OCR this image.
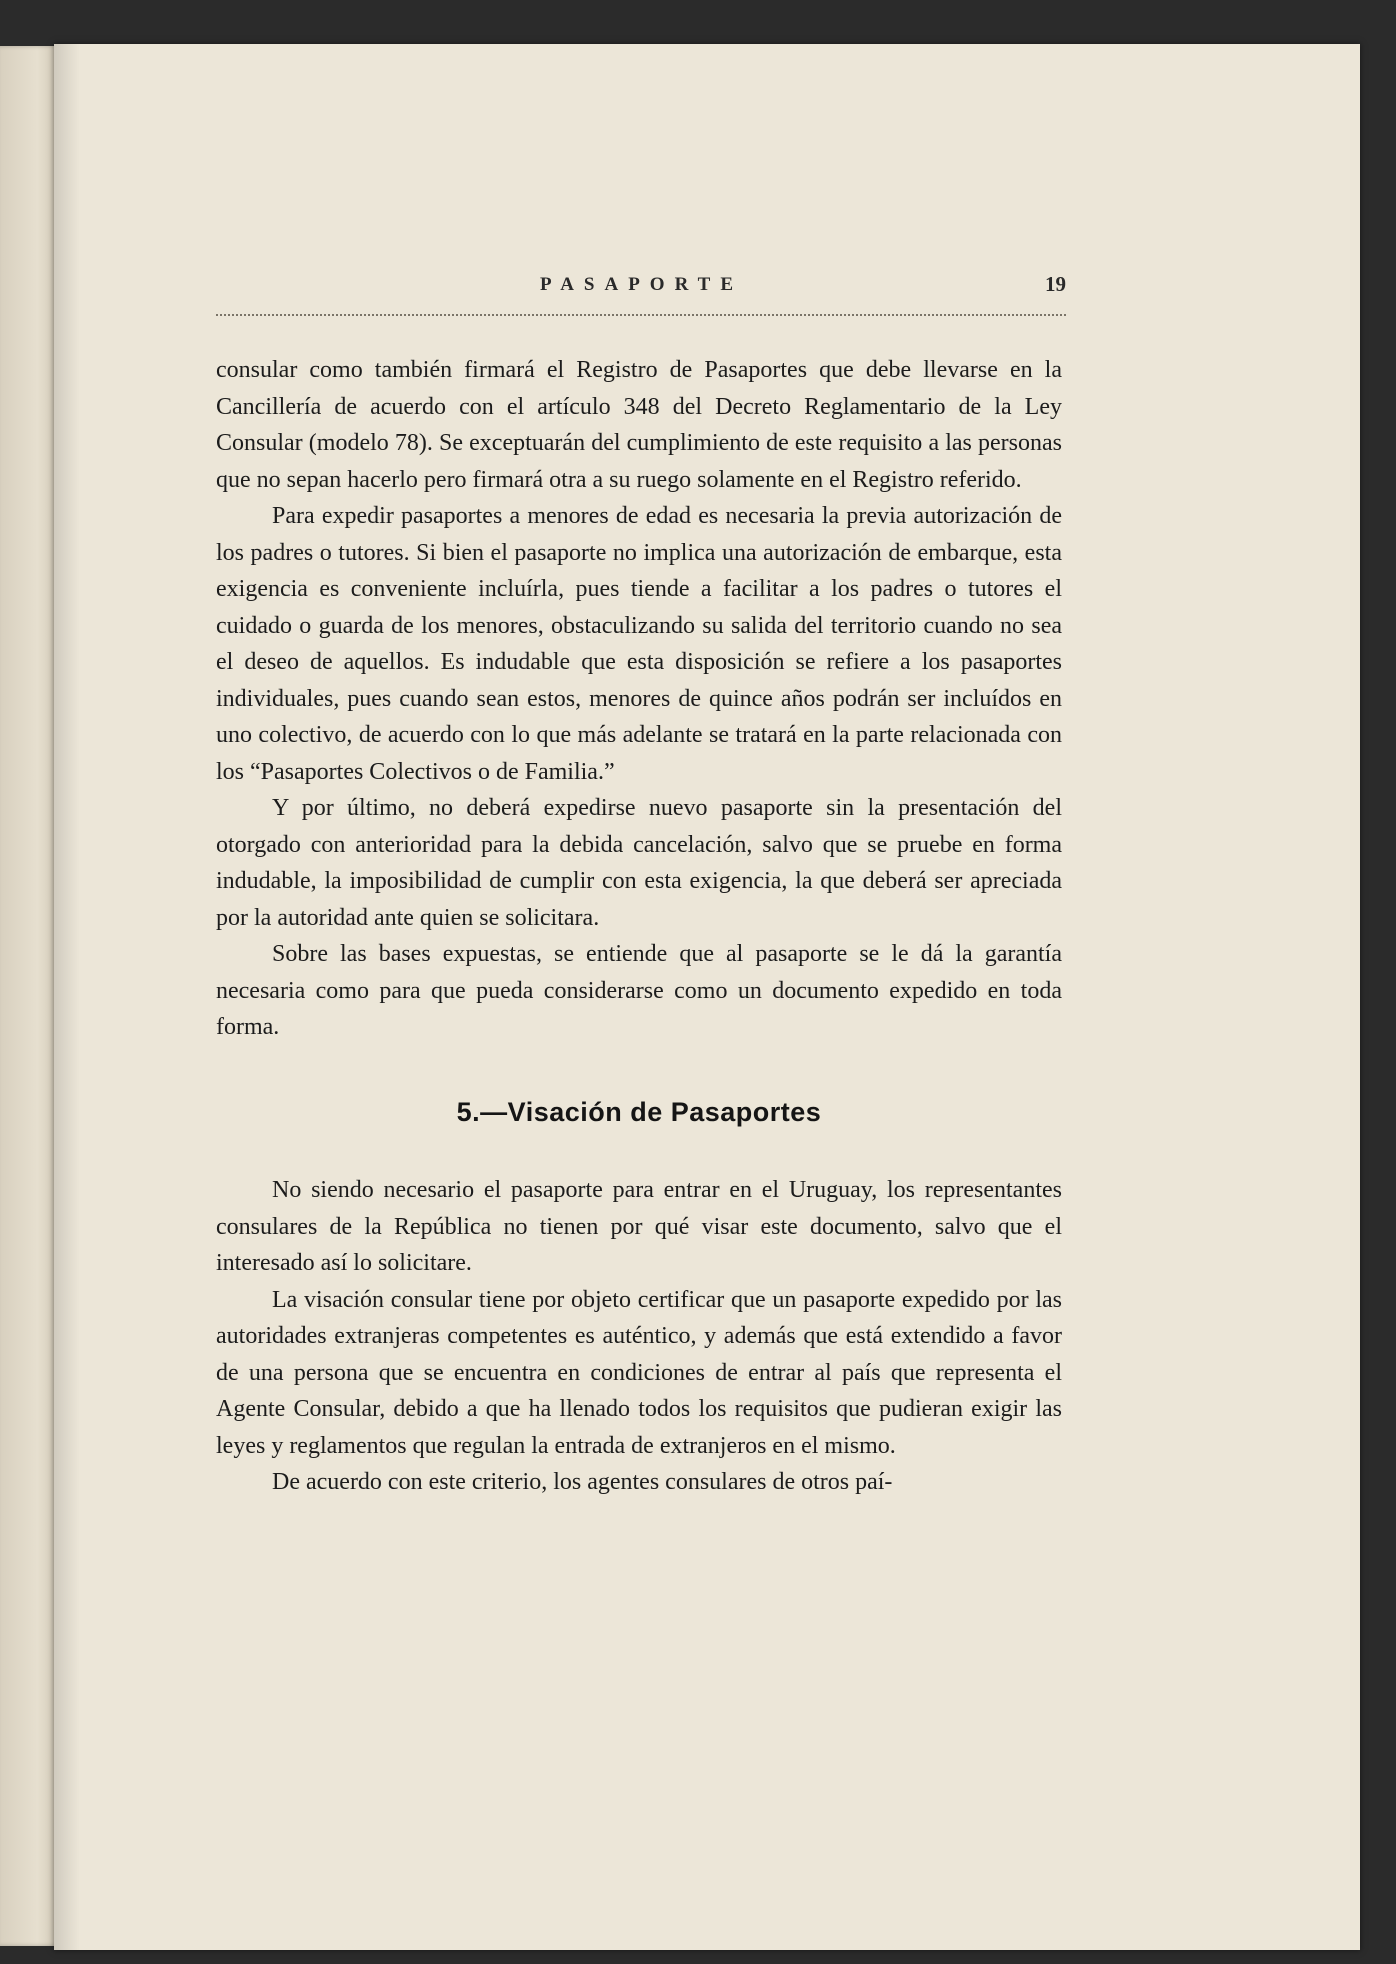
PASAPORTE	19

consular como también firmará el Registro de Pasaportes que debe llevarse en la Cancillería de acuerdo con el artículo 348 del Decreto Reglamentario de la Ley Consular (modelo 78). Se exceptuarán del cumplimiento de este requisito a las personas que no sepan hacerlo pero firmará otra a su ruego solamente en el Registro referido.

Para expedir pasaportes a menores de edad es necesaria la previa autorización de los padres o tutores. Si bien el pasaporte no implica una autorización de embarque, esta exigencia es conveniente incluírla, pues tiende a facilitar a los padres o tutores el cuidado o guarda de los menores, obstaculizando su salida del territorio cuando no sea el deseo de aquellos. Es indudable que esta disposición se refiere a los pasaportes individuales, pues cuando sean estos, menores de quince años podrán ser incluídos en uno colectivo, de acuerdo con lo que más adelante se tratará en la parte relacionada con los “Pasaportes Colectivos o de Familia.”

Y por último, no deberá expedirse nuevo pasaporte sin la presentación del otorgado con anterioridad para la debida cancelación, salvo que se pruebe en forma indudable, la imposibilidad de cumplir con esta exigencia, la que deberá ser apreciada por la autoridad ante quien se solicitara.

Sobre las bases expuestas, se entiende que al pasaporte se le dá la garantía necesaria como para que pueda considerarse como un documento expedido en toda forma.

5.—Visación de Pasaportes

No siendo necesario el pasaporte para entrar en el Uruguay, los representantes consulares de la República no tienen por qué visar este documento, salvo que el interesado así lo solicitare.

La visación consular tiene por objeto certificar que un pasaporte expedido por las autoridades extranjeras competentes es auténtico, y además que está extendido a favor de una persona que se encuentra en condiciones de entrar al país que representa el Agente Consular, debido a que ha llenado todos los requisitos que pudieran exigir las leyes y reglamentos que regulan la entrada de extranjeros en el mismo.

De acuerdo con este criterio, los agentes consulares de otros paí-
